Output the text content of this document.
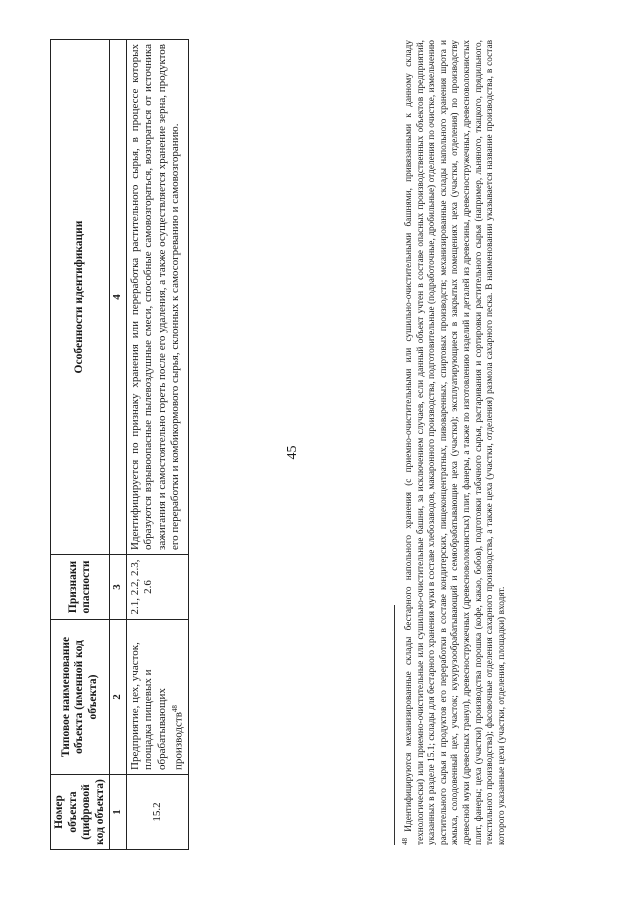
45
Номер объекта (цифровой код объекта)	Типовое наименование объекта (именной код объекта)	Признаки опасности	Особенности идентификации
1	2	3	4
15.2	Предприятие, цех, участок, площадка пищевых и обрабатывающих производств$^{48}$	2.1, 2.2, 2.3, 2.6	Идентифицируется по признаку хранения или переработка растительного сырья, в процессе которых образуются взрывоопасные пылевоздушные смеси, способные самовозгораться, возгораться от источника зажигания и самостоятельно гореть после его удаления, а также осуществляется хранение зерна, продуктов его переработки и комбикормового сырья, склонных к самосогреванию и самовозгоранию.
$^{48}$ Идентифицируются механизированные склады бестарного напольного хранения (с приемно-очистительными или сушильно-очистительными башнями, привязанными к данному складу технологически) или приемно-очистительные или сушильно-очистительные башни, за исключением случаев, если данный объект учтен в составе опасных производственных объектов предприятий, указанных в разделе 15.1; склады для бестарного хранения муки в составе хлебозаводов, макаронного производства, подготовительные (подработочные, дробильные) отделения по очистке, измельчению растительного сырья и продуктов его переработки в составе кондитерских, пищеконцентратных, пивоваренных, спиртовых производств; механизированные склады напольного хранения шрота и жмыха, солодовенный цех, участок; кукурузообрабатывающий и семяобрабатывающие цеха (участки); эксплуатирующиеся в закрытых помещениях цеха (участки, отделения) по производству древесной муки (древесных гранул), древесностружечных (древесноволокнистых) плит, фанеры, а также по изготовлению изделий и деталей из древесины, древесностружечных, древесноволокнистых плит, фанеры; цеха (участки) производства порошка (кофе, какао, бобов), подготовки табачного сырья, растаривания и сортировки растительного сырья (например, льняного, ткацкого, прядильного, текстильного производства); фасовочные отделения сахарного производства, а также цеха (участки, отделения) размола сахарного песка. В наименовании указывается название производства, в состав которого указанные цехи (участки, отделения, площадки) входят.
